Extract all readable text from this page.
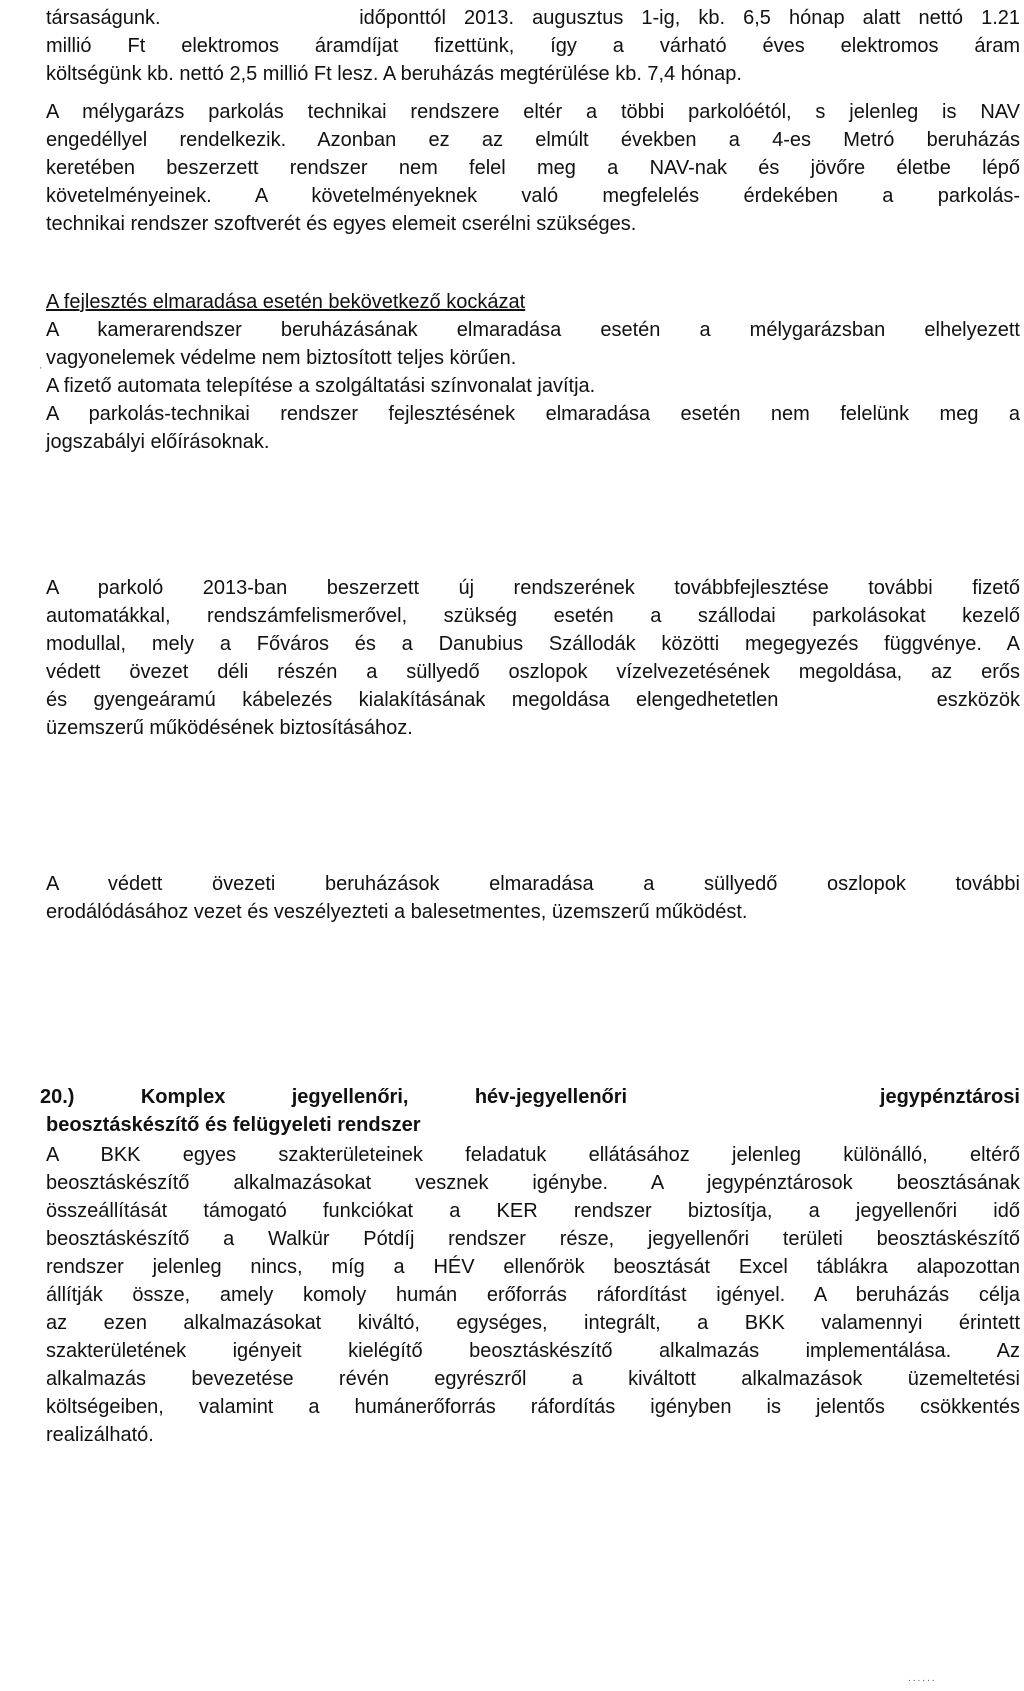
társaságunk.           időponttól 2013. augusztus 1-ig, kb. 6,5 hónap alatt nettó 1.21
millió Ft elektromos áramdíjat fizettünk, így a várható éves elektromos áram
költségünk kb. nettó 2,5 millió Ft lesz. A beruházás megtérülése kb. 7,4 hónap.

A mélygarázs parkolás technikai rendszere eltér a többi parkolóétól, s jelenleg is NAV
engedéllyel rendelkezik. Azonban ez az elmúlt években a 4-es Metró beruházás
keretében beszerzett rendszer nem felel meg a NAV-nak és jövőre életbe lépő
követelményeinek. A követelményeknek való megfelelés érdekében a parkolás-
technikai rendszer szoftverét és egyes elemeit cserélni szükséges.

A fejlesztés elmaradása esetén bekövetkező kockázat
A kamerarendszer beruházásának elmaradása esetén a mélygarázsban elhelyezett
vagyonelemek védelme nem biztosított teljes körűen.
A fizető automata telepítése a szolgáltatási színvonalat javítja.
A parkolás-technikai rendszer fejlesztésének elmaradása esetén nem felelünk meg a
jogszabályi előírásoknak.

A parkoló 2013-ban beszerzett új rendszerének továbbfejlesztése további fizető
automatákkal, rendszámfelismerővel, szükség esetén a szállodai parkolásokat kezelő
modullal, mely a Főváros és a Danubius Szállodák közötti megegyezés függvénye. A
védett övezet déli részén a süllyedő oszlopok vízelvezetésének megoldása, az erős
és gyengeáramú kábelezés kialakításának megoldása elengedhetetlen      eszközök
üzemszerű működésének biztosításához.

A védett övezeti beruházások elmaradása a süllyedő oszlopok további
erodálódásához vezet és veszélyezteti a balesetmentes, üzemszerű működést.

20.)	Komplex	jegyellenőri,	hév-jegyellenőri	jegypénztárosi
beosztáskészítő és felügyeleti rendszer

A BKK egyes szakterületeinek feladatuk ellátásához jelenleg különálló, eltérő
beosztáskészítő alkalmazásokat vesznek igénybe. A jegypénztárosok beosztásának
összeállítását támogató funkciókat a KER rendszer biztosítja, a jegyellenőri idő
beosztáskészítő a Walkür Pótdíj rendszer része, jegyellenőri területi beosztáskészítő
rendszer jelenleg nincs, míg a HÉV ellenőrök beosztását Excel táblákra alapozottan
állítják össze, amely komoly humán erőforrás ráfordítást igényel. A beruházás célja
az ezen alkalmazásokat kiváltó, egységes, integrált, a BKK valamennyi érintett
szakterületének igényeit kielégítő beosztáskészítő alkalmazás implementálása. Az
alkalmazás bevezetése révén egyrészről a kiváltott alkalmazások üzemeltetési
költségeiben, valamint a humánerőforrás ráfordítás igényben is jelentős csökkentés
realizálható.

'
......
